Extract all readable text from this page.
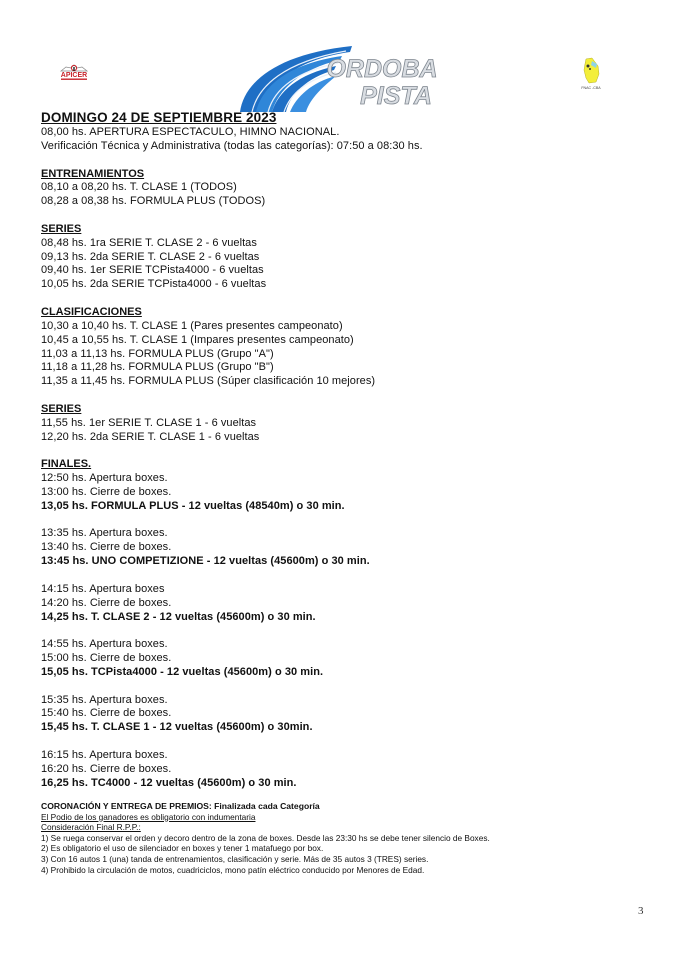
APICER	ORDOBA
PISTA	FNAC -CBA

DOMINGO 24 DE SEPTIEMBRE 2023

08,00 hs. APERTURA ESPECTACULO, HIMNO NACIONAL.

Verificación Técnica y Administrativa (todas las categorías): 07:50 a 08:30 hs.

ENTRENAMIENTOS

08,10 a 08,20 hs. T. CLASE 1 (TODOS)

08,28 a 08,38 hs. FORMULA PLUS (TODOS)

SERIES

08,48 hs. 1ra SERIE T. CLASE 2 - 6 vueltas

09,13 hs. 2da SERIE T. CLASE 2 - 6 vueltas

09,40 hs. 1er SERIE TCPista4000 - 6 vueltas

10,05 hs. 2da SERIE TCPista4000 - 6 vueltas

CLASIFICACIONES

10,30 a 10,40 hs. T. CLASE 1 (Pares presentes campeonato)

10,45 a 10,55 hs. T. CLASE 1 (Impares presentes campeonato)

11,03 a 11,13 hs. FORMULA PLUS (Grupo "A")

11,18 a 11,28 hs. FORMULA PLUS (Grupo "B")

11,35 a 11,45 hs. FORMULA PLUS (Súper clasificación 10 mejores)

SERIES

11,55 hs. 1er SERIE T. CLASE 1 - 6 vueltas

12,20 hs. 2da SERIE T. CLASE 1 - 6 vueltas

FINALES.

12:50 hs. Apertura boxes.

13:00 hs. Cierre de boxes.

13,05 hs. FORMULA PLUS - 12 vueltas (48540m) o 30 min.

13:35 hs. Apertura boxes.

13:40 hs. Cierre de boxes.

13:45 hs. UNO COMPETIZIONE - 12 vueltas (45600m) o 30 min.

14:15 hs. Apertura boxes

14:20 hs. Cierre de boxes.

14,25 hs. T. CLASE 2 - 12 vueltas (45600m) o 30 min.

14:55 hs. Apertura boxes.

15:00 hs. Cierre de boxes.

15,05 hs. TCPista4000 - 12 vueltas (45600m) o 30 min.

15:35 hs. Apertura boxes.

15:40 hs. Cierre de boxes.

15,45 hs. T. CLASE 1 - 12 vueltas (45600m) o 30min.

16:15 hs. Apertura boxes.

16:20 hs. Cierre de boxes.

16,25 hs. TC4000 - 12 vueltas (45600m) o 30 min.

CORONACIÓN Y ENTREGA DE PREMIOS: Finalizada cada Categoría

El Podio de los ganadores es obligatorio con indumentaria

Consideración Final R.P.P.:

1) Se ruega conservar el orden y decoro dentro de la zona de boxes. Desde las 23:30 hs se debe tener silencio de Boxes.

2) Es obligatorio el uso de silenciador en boxes y tener 1 matafuego por box.

3) Con 16 autos 1 (una) tanda de entrenamientos, clasificación y serie. Más de 35 autos 3 (TRES) series.

4) Prohibido la circulación de motos, cuadriciclos, mono patín eléctrico conducido por Menores de Edad.

3
